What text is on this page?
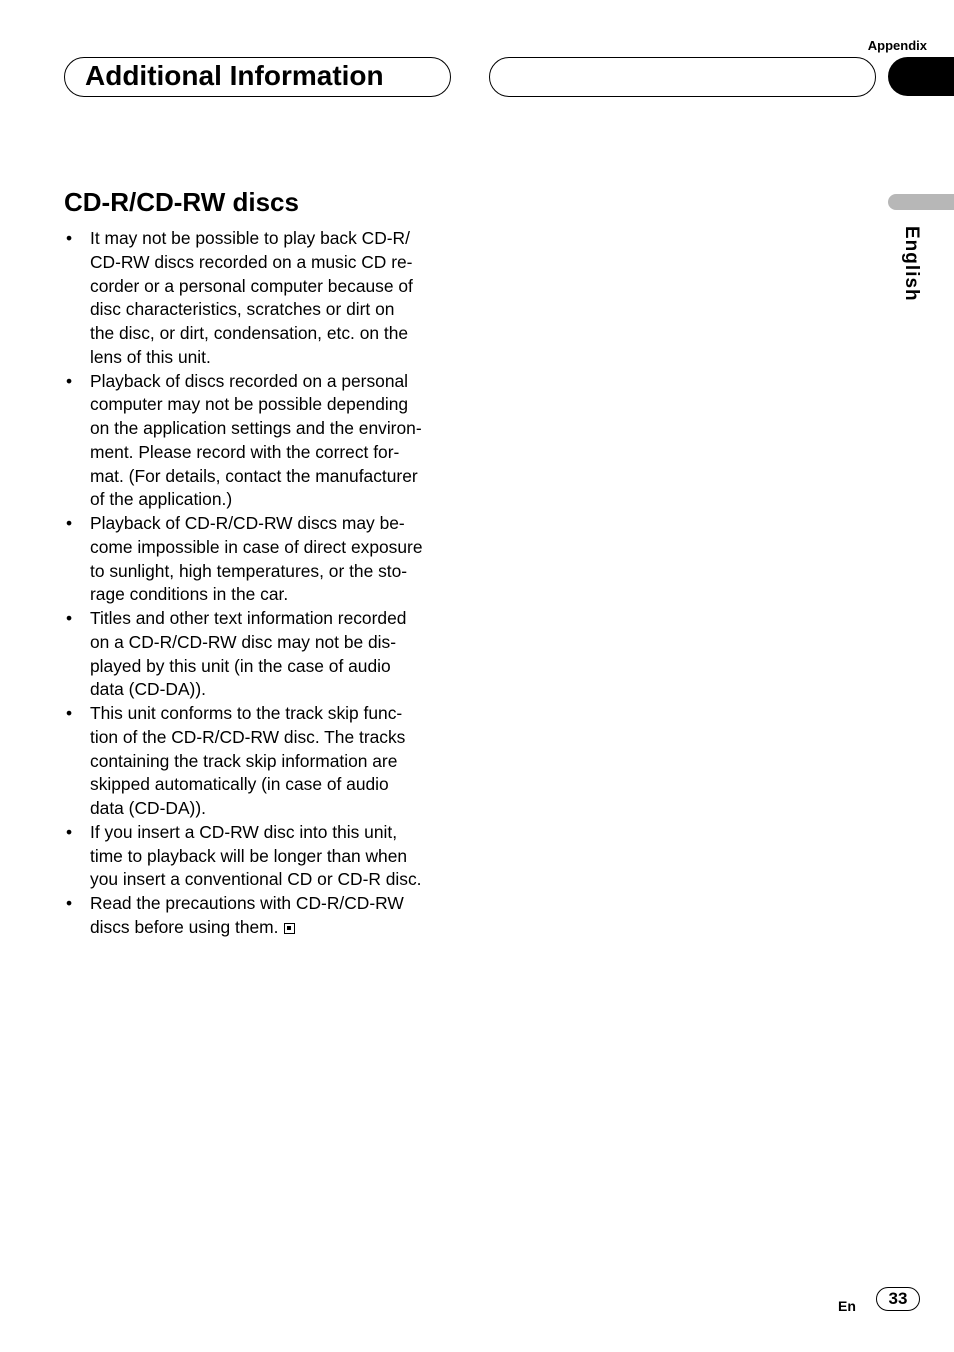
Appendix
Additional Information
English
CD-R/CD-RW discs
• It may not be possible to play back CD-R/
CD-RW discs recorded on a music CD re-
corder or a personal computer because of
disc characteristics, scratches or dirt on
the disc, or dirt, condensation, etc. on the
lens of this unit.
• Playback of discs recorded on a personal
computer may not be possible depending
on the application settings and the environ-
ment. Please record with the correct for-
mat. (For details, contact the manufacturer
of the application.)
• Playback of CD-R/CD-RW discs may be-
come impossible in case of direct exposure
to sunlight, high temperatures, or the sto-
rage conditions in the car.
• Titles and other text information recorded
on a CD-R/CD-RW disc may not be dis-
played by this unit (in the case of audio
data (CD-DA)).
• This unit conforms to the track skip func-
tion of the CD-R/CD-RW disc. The tracks
containing the track skip information are
skipped automatically (in case of audio
data (CD-DA)).
• If you insert a CD-RW disc into this unit,
time to playback will be longer than when
you insert a conventional CD or CD-R disc.
• Read the precautions with CD-R/CD-RW
discs before using them.
En	33
